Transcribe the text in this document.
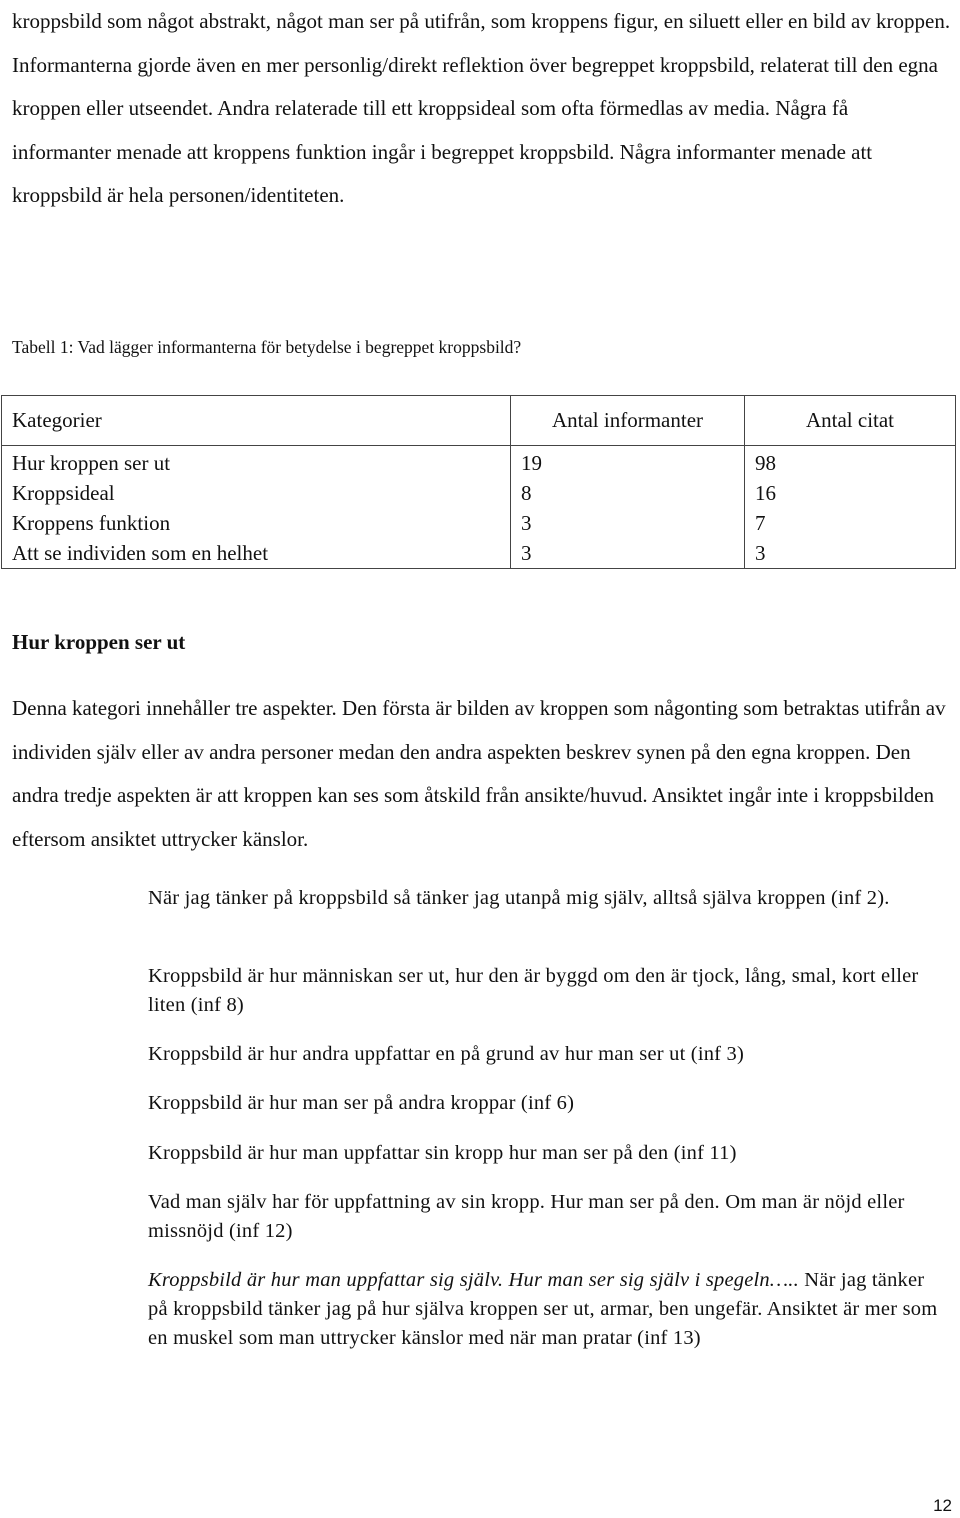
kroppsbild som något abstrakt, något man ser på utifrån, som kroppens figur, en siluett eller en bild av kroppen. Informanterna gjorde även en mer personlig/direkt reflektion över begreppet kroppsbild, relaterat till den egna kroppen eller utseendet. Andra relaterade till ett kroppsideal som ofta förmedlas av media. Några få informanter menade att kroppens funktion ingår i begreppet kroppsbild. Några informanter menade att kroppsbild är hela personen/identiteten.

Tabell 1: Vad lägger informanterna för betydelse i begreppet kroppsbild?
Kategorier	Antal informanter	Antal citat
Hur kroppen ser ut	19	98
Kroppsideal	8	16
Kroppens funktion	3	7
Att se individen som en helhet	3	3
Hur kroppen ser ut

Denna kategori innehåller tre aspekter. Den första är bilden av kroppen som någonting som betraktas utifrån av individen själv eller av andra personer medan den andra aspekten beskrev synen på den egna kroppen. Den andra tredje aspekten är att kroppen kan ses som åtskild från ansikte/huvud. Ansiktet ingår inte i kroppsbilden eftersom ansiktet uttrycker känslor.

När jag tänker på kroppsbild så tänker jag utanpå mig själv, alltså själva kroppen (inf 2).
Kroppsbild är hur människan ser ut, hur den är byggd om den är tjock, lång, smal, kort eller liten (inf 8)
Kroppsbild är hur andra uppfattar en på grund av hur man ser ut (inf 3)
Kroppsbild är hur man ser på andra kroppar (inf 6)
Kroppsbild är hur man uppfattar sin kropp hur man ser på den (inf 11)
Vad man själv har för uppfattning av sin kropp. Hur man ser på den. Om man är nöjd eller missnöjd (inf 12)
Kroppsbild är hur man uppfattar sig själv. Hur man ser sig själv i spegeln….. När jag tänker på kroppsbild tänker jag på hur själva kroppen ser ut, armar, ben ungefär. Ansiktet är mer som en muskel som man uttrycker känslor med när man pratar (inf 13)
12
